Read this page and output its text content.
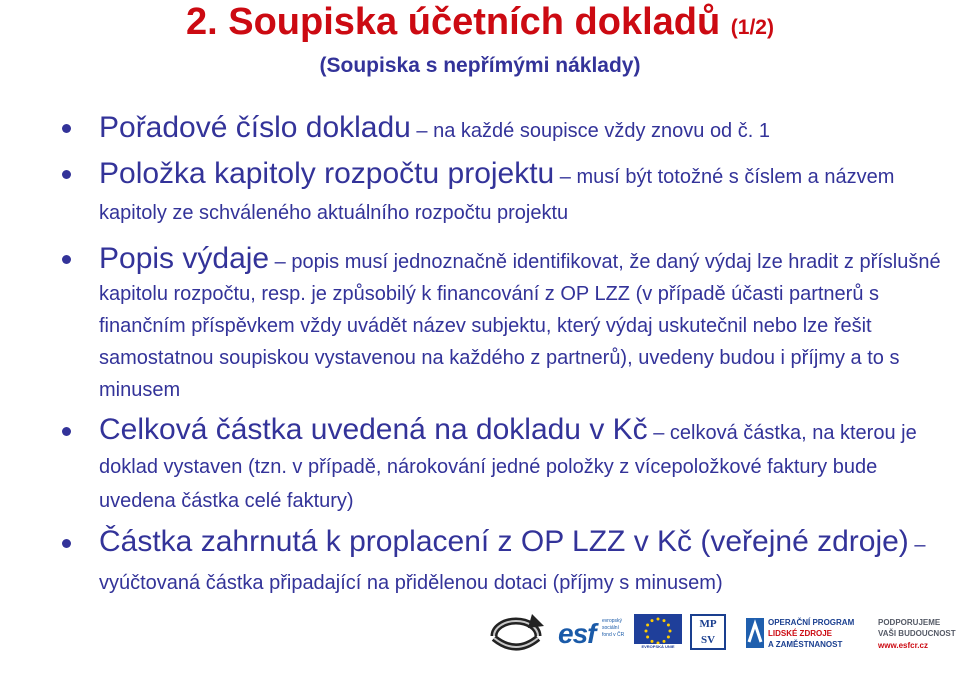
2. Soupiska účetních dokladů (1/2)
(Soupiska s nepřímými náklady)
Pořadové číslo dokladu – na každé soupisce vždy znovu od č. 1
Položka kapitoly rozpočtu projektu – musí být totožné s číslem a názvem kapitoly ze schváleného aktuálního rozpočtu projektu
Popis výdaje – popis musí jednoznačně identifikovat, že daný výdaj lze hradit z příslušné kapitolu rozpočtu, resp. je způsobilý k financování z OP LZZ (v případě účasti partnerů s finančním příspěvkem vždy uvádět název subjektu, který výdaj uskutečnil nebo lze řešit samostatnou soupiskou vystavenou na každého z partnerů), uvedeny budou i příjmy a to s minusem
Celková částka uvedená na dokladu v Kč – celková částka, na kterou je doklad vystaven (tzn. v případě, nárokování jedné položky z vícepoložkové faktury bude uvedena částka celé faktury)
Částka zahrnutá k proplacení z OP LZZ v Kč (veřejné zdroje) – vyúčtovaná částka připadající na přidělenou dotaci (příjmy s minusem)
esf evropský
sociální
fond v ČR
EVROPSKÁ UNIE
MP
SV
OPERAČNÍ PROGRAM
LIDSKÉ ZDROJE
A ZAMĚSTNANOST
PODPORUJEME
VAŠI BUDOUCNOST
www.esfcr.cz
